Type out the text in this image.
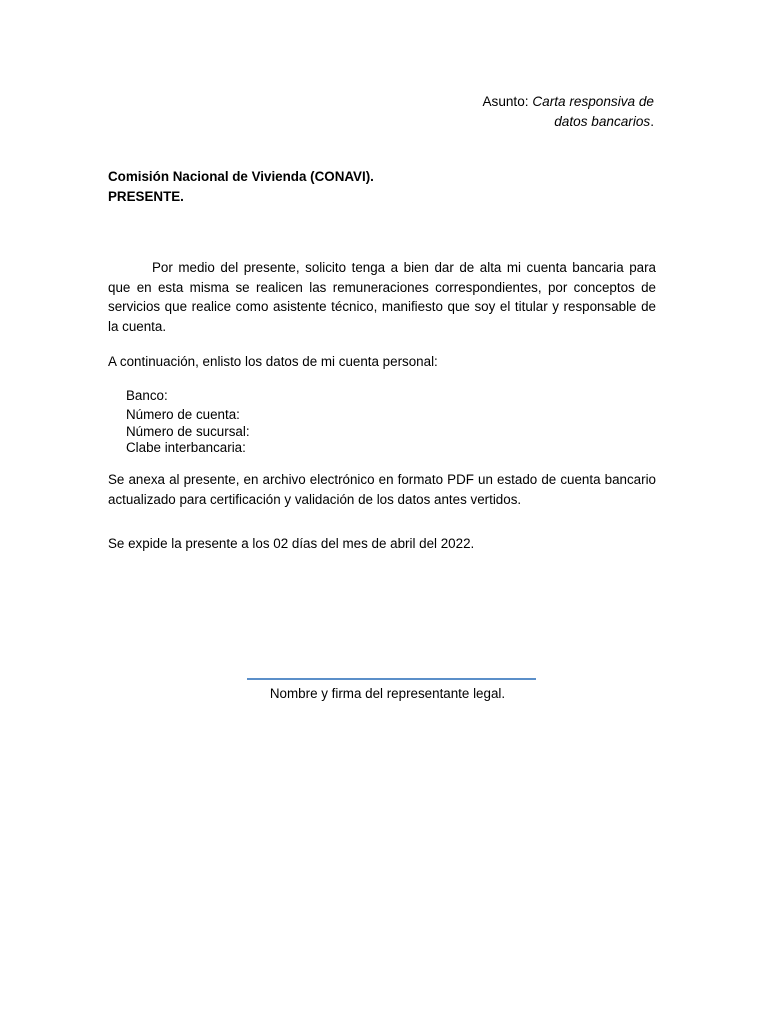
Asunto: Carta responsiva de
datos bancarios.
Comisión Nacional de Vivienda (CONAVI).
PRESENTE.
Por medio del presente, solicito tenga a bien dar de alta mi cuenta bancaria para que en esta misma se realicen las remuneraciones correspondientes, por conceptos de servicios que realice como asistente técnico, manifiesto que soy el titular y responsable de la cuenta.
A continuación, enlisto los datos de mi cuenta personal:
Banco:
Número de cuenta:
Número de sucursal:
Clabe interbancaria:
Se anexa al presente, en archivo electrónico en formato PDF un estado de cuenta bancario actualizado para certificación y validación de los datos antes vertidos.
Se expide la presente a los 02 días del mes de abril del 2022.
Nombre y firma del representante legal.
